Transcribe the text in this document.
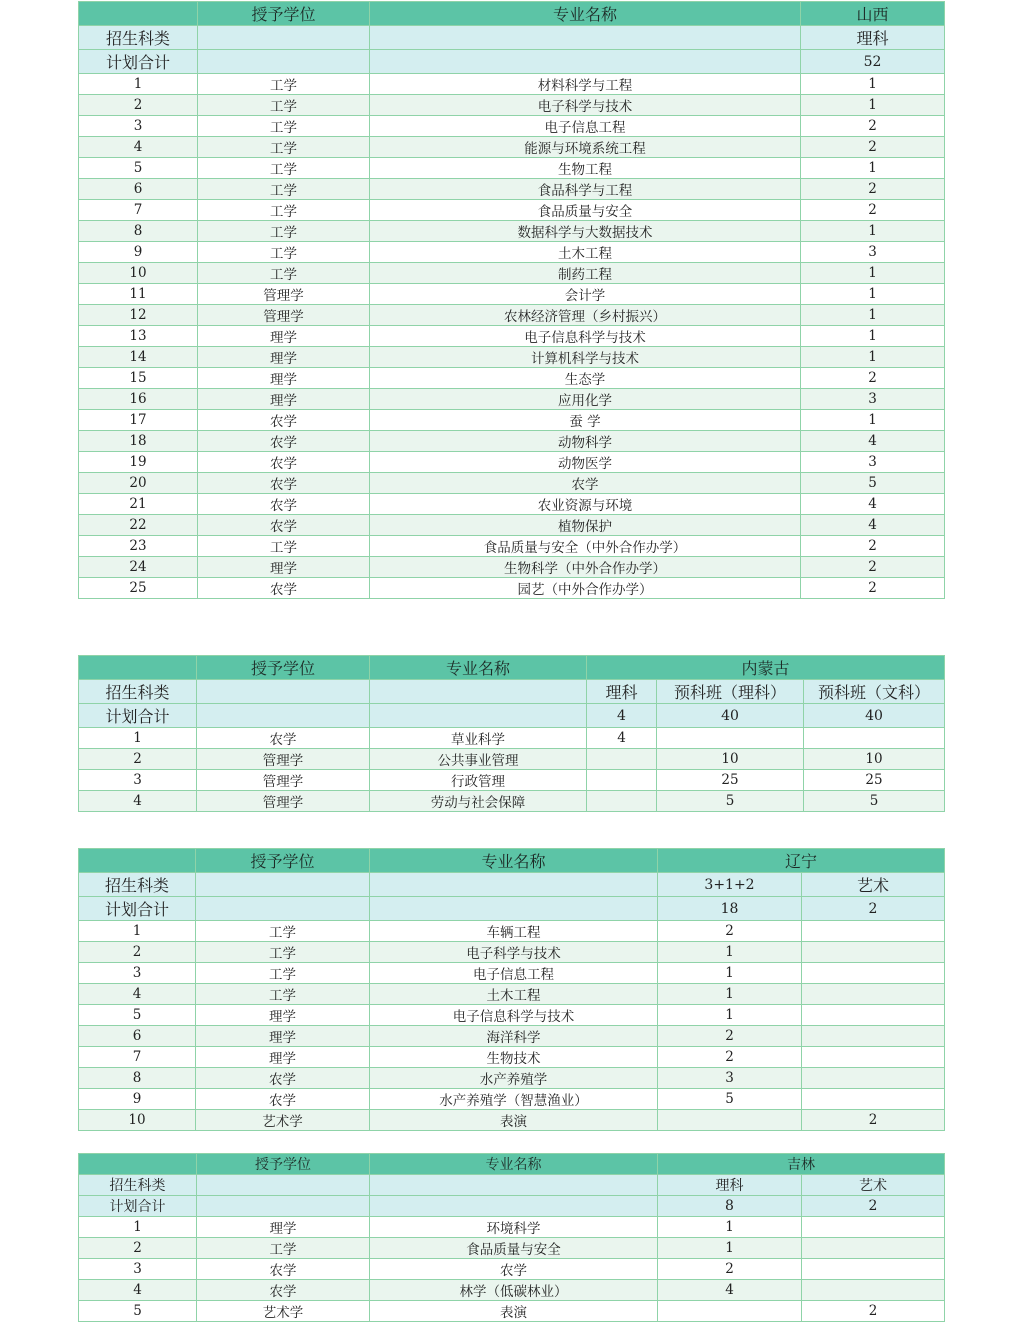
	授予学位	专业名称	山西
招生科类			理科
计划合计			52
1	工学	材料科学与工程	1
2	工学	电子科学与技术	1
3	工学	电子信息工程	2
4	工学	能源与环境系统工程	2
5	工学	生物工程	1
6	工学	食品科学与工程	2
7	工学	食品质量与安全	2
8	工学	数据科学与大数据技术	1
9	工学	土木工程	3
10	工学	制药工程	1
11	管理学	会计学	1
12	管理学	农林经济管理（乡村振兴）	1
13	理学	电子信息科学与技术	1
14	理学	计算机科学与技术	1
15	理学	生态学	2
16	理学	应用化学	3
17	农学	蚕 学	1
18	农学	动物科学	4
19	农学	动物医学	3
20	农学	农学	5
21	农学	农业资源与环境	4
22	农学	植物保护	4
23	工学	食品质量与安全（中外合作办学）	2
24	理学	生物科学（中外合作办学）	2
25	农学	园艺（中外合作办学）	2
	授予学位	专业名称	内蒙古		
招生科类			理科	预科班（理科）	预科班（文科）
计划合计			4	40	40
1	农学	草业科学	4		
2	管理学	公共事业管理		10	10
3	管理学	行政管理		25	25
4	管理学	劳动与社会保障		5	5
	授予学位	专业名称	辽宁	
招生科类			3+1+2	艺术
计划合计			18	2
1	工学	车辆工程	2	
2	工学	电子科学与技术	1	
3	工学	电子信息工程	1	
4	工学	土木工程	1	
5	理学	电子信息科学与技术	1	
6	理学	海洋科学	2	
7	理学	生物技术	2	
8	农学	水产养殖学	3	
9	农学	水产养殖学（智慧渔业）	5	
10	艺术学	表演		2
	授予学位	专业名称	吉林	
招生科类			理科	艺术
计划合计			8	2
1	理学	环境科学	1	
2	工学	食品质量与安全	1	
3	农学	农学	2	
4	农学	林学（低碳林业）	4	
5	艺术学	表演		2
